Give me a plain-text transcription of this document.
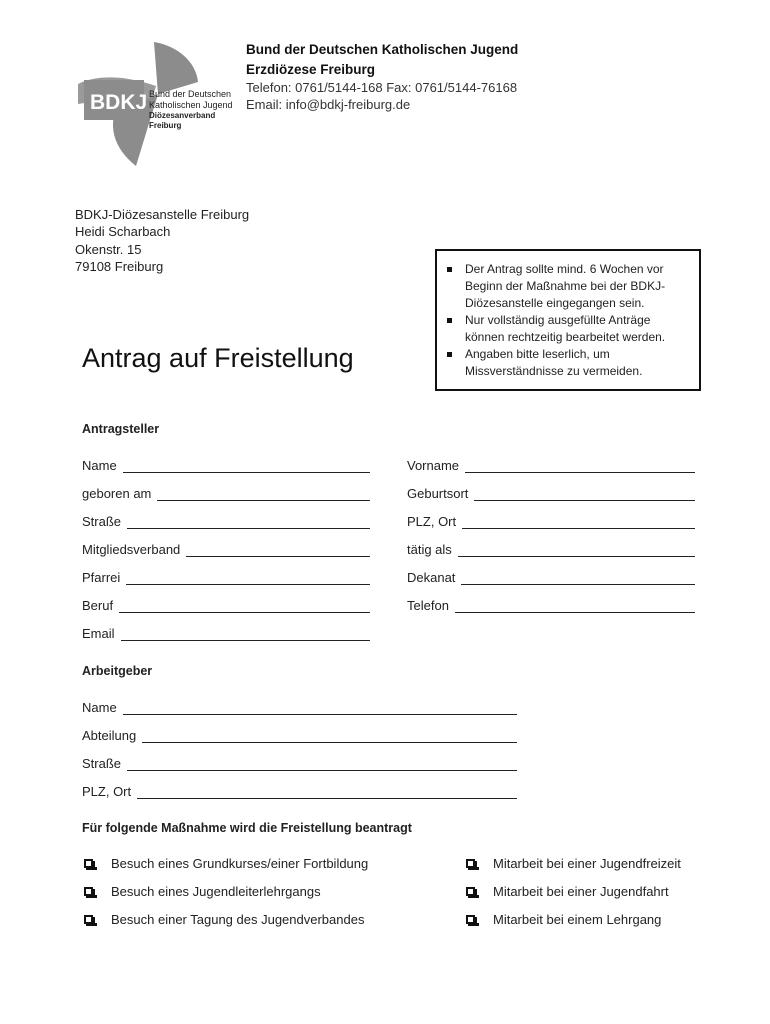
BDKJ Bund der Deutschen
Katholischen Jugend
Diözesanverband
Freiburg
Bund der Deutschen Katholischen Jugend
Erzdiözese Freiburg
Telefon: 0761/5144-168 Fax: 0761/5144-76168
Email: info@bdkj-freiburg.de
BDKJ-Diözesanstelle Freiburg
Heidi Scharbach
Okenstr. 15
79108 Freiburg	Der Antrag sollte mind. 6 Wochen vor Beginn der Maßnahme bei der BDKJ-Diözesanstelle eingegangen sein.
Nur vollständig ausgefüllte Anträge können rechtzeitig bearbeitet werden.
Angaben bitte leserlich, um Missverständnisse zu vermeiden.
Antrag auf Freistellung
Antragsteller
Name
geboren am
Straße
Mitgliedsverband
Pfarrei
Beruf
Email
Vorname
Geburtsort
PLZ, Ort
tätig als
Dekanat
Telefon
Arbeitgeber
Name
Abteilung
Straße
PLZ, Ort
Für folgende Maßnahme wird die Freistellung beantragt
Besuch eines Grundkurses/einer Fortbildung
Besuch eines Jugendleiterlehrgangs
Besuch einer Tagung des Jugendverbandes
Mitarbeit bei einer Jugendfreizeit
Mitarbeit bei einer Jugendfahrt
Mitarbeit bei einem Lehrgang
